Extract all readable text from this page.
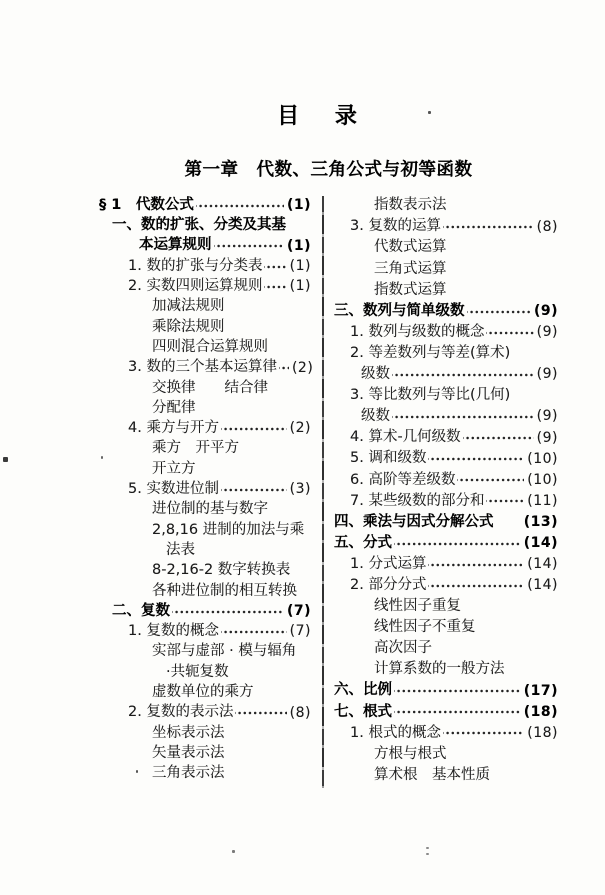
目 录
第一章　代数、三角公式与初等函数
§ 1　代数公式	(1)
一、数的扩张、分类及其基
本运算规则	(1)
1. 数的扩张与分类表 (1)
2. 实数四则运算规则 (1)
加减法规则
乘除法规则
四则混合运算规则
3. 数的三个基本运算律 (2)
交换律　　结合律
分配律
4. 乘方与开方	(2)
乘方　开平方
开立方
5. 实数进位制	(3)
进位制的基与数字
2,8,16 进制的加法与乘
法表
8-2,16-2 数字转换表
各种进位制的相互转换
二、复数	(7)
1. 复数的概念	(7)
实部与虚部 · 模与辐角
·共轭复数
虚数单位的乘方
2. 复数的表示法	(8)
坐标表示法
矢量表示法
三角表示法
指数表示法
3. 复数的运算	(8)
代数式运算
三角式运算
指数式运算
三、数列与简单级数	(9)
1. 数列与级数的概念	(9)
2. 等差数列与等差(算术)
级数	(9)
3. 等比数列与等比(几何)
级数	(9)
4. 算术-几何级数	(9)
5. 调和级数	(10)
6. 高阶等差级数	(10)
7. 某些级数的部分和	(11)
四、乘法与因式分解公式 (13)
五、分式	(14)
1. 分式运算	(14)
2. 部分分式	(14)
线性因子重复
线性因子不重复
高次因子
计算系数的一般方法
六、比例	(17)
七、根式	(18)
1. 根式的概念	(18)
方根与根式
算术根　基本性质
